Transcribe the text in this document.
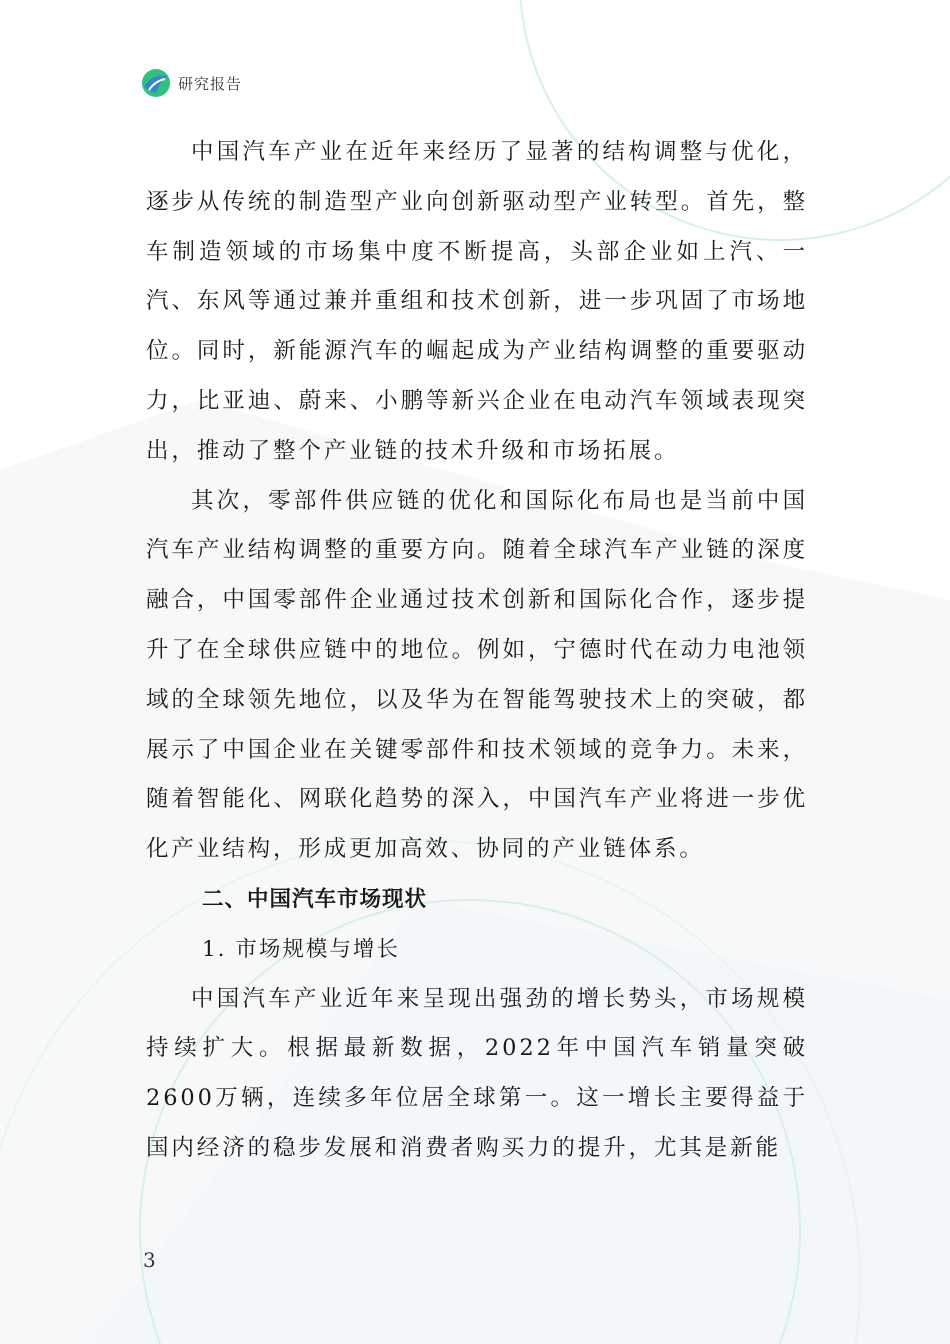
研究报告

中国汽车产业在近年来经历了显著的结构调整与优化，逐步从传统的制造型产业向创新驱动型产业转型。首先，整车制造领域的市场集中度不断提高，头部企业如上汽、一汽、东风等通过兼并重组和技术创新，进一步巩固了市场地位。同时，新能源汽车的崛起成为产业结构调整的重要驱动力，比亚迪、蔚来、小鹏等新兴企业在电动汽车领域表现突出，推动了整个产业链的技术升级和市场拓展。

其次，零部件供应链的优化和国际化布局也是当前中国汽车产业结构调整的重要方向。随着全球汽车产业链的深度融合，中国零部件企业通过技术创新和国际化合作，逐步提升了在全球供应链中的地位。例如，宁德时代在动力电池领域的全球领先地位，以及华为在智能驾驶技术上的突破，都展示了中国企业在关键零部件和技术领域的竞争力。未来，随着智能化、网联化趋势的深入，中国汽车产业将进一步优化产业结构，形成更加高效、协同的产业链体系。

二、中国汽车市场现状

1. 市场规模与增长

中国汽车产业近年来呈现出强劲的增长势头，市场规模持续扩大。根据最新数据，2022年中国汽车销量突破2600万辆，连续多年位居全球第一。这一增长主要得益于国内经济的稳步发展和消费者购买力的提升，尤其是新能

3
